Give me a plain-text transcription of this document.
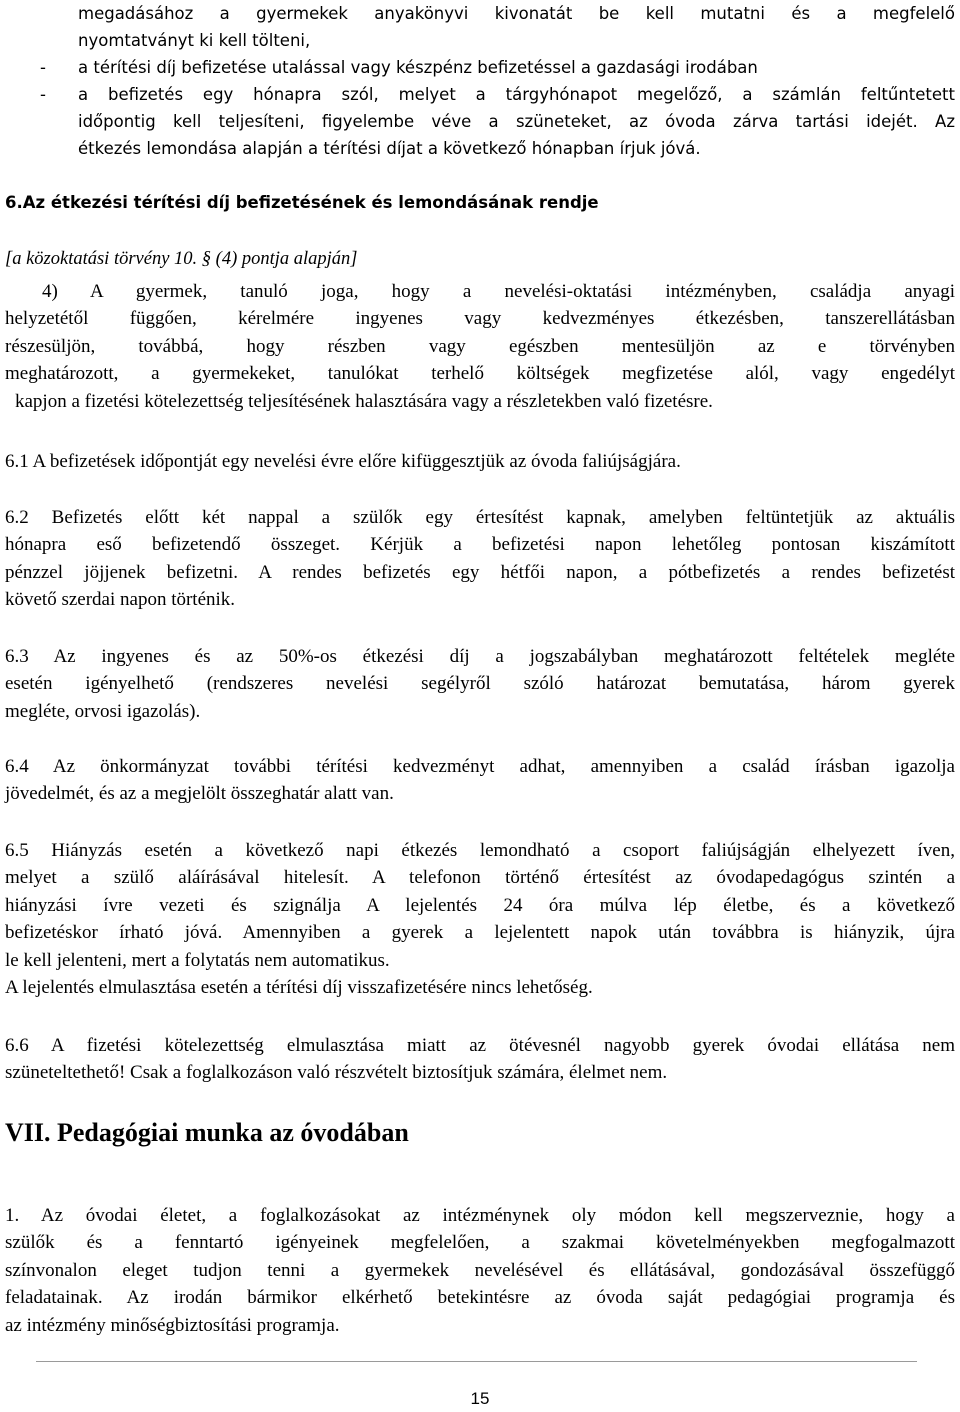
megadásához a gyermekek anyakönyvi kivonatát be kell mutatni és a megfelelő
nyomtatványt ki kell tölteni,
- a térítési díj befizetése utalással vagy készpénz befizetéssel a gazdasági irodában
- a befizetés egy hónapra szól, melyet a tárgyhónapot megelőző, a számlán feltűntetett
időpontig kell teljesíteni, figyelembe véve a szüneteket, az óvoda zárva tartási idejét. Az
étkezés lemondása alapján a térítési díjat a következő hónapban írjuk jóvá.
6.Az étkezési térítési díj befizetésének és lemondásának rendje
[a közoktatási törvény 10. § (4) pontja alapján]
4) A gyermek, tanuló joga, hogy a nevelési-oktatási intézményben, családja anyagi
helyzetétől függően, kérelmére ingyenes vagy kedvezményes étkezésben, tanszerellátásban
részesüljön, továbbá, hogy részben vagy egészben mentesüljön az e törvényben
meghatározott, a gyermekeket, tanulókat terhelő költségek megfizetése alól, vagy engedélyt
kapjon a fizetési kötelezettség teljesítésének halasztására vagy a részletekben való fizetésre.
6.1 A befizetések időpontját egy nevelési évre előre kifüggesztjük az óvoda faliújságjára.
6.2 Befizetés előtt két nappal a szülők egy értesítést kapnak, amelyben feltüntetjük az aktuális
hónapra eső befizetendő összeget. Kérjük a befizetési napon lehetőleg pontosan kiszámított
pénzzel jöjjenek befizetni. A rendes befizetés egy hétfői napon, a pótbefizetés a rendes befizetést
követő szerdai napon történik.
6.3 Az ingyenes és az 50%-os étkezési díj a jogszabályban meghatározott feltételek megléte
esetén igényelhető (rendszeres nevelési segélyről szóló határozat bemutatása, három gyerek
megléte, orvosi igazolás).
6.4 Az önkormányzat további térítési kedvezményt adhat, amennyiben a család írásban igazolja
jövedelmét, és az a megjelölt összeghatár alatt van.
6.5 Hiányzás esetén a következő napi étkezés lemondható a csoport faliújságján elhelyezett íven,
melyet a szülő aláírásával hitelesít. A telefonon történő értesítést az óvodapedagógus szintén a
hiányzási ívre vezeti és szignálja A lejelentés 24 óra múlva lép életbe, és a következő
befizetéskor írható jóvá. Amennyiben a gyerek a lejelentett napok után továbbra is hiányzik, újra
le kell jelenteni, mert a folytatás nem automatikus.
A lejelentés elmulasztása esetén a térítési díj visszafizetésére nincs lehetőség.
6.6 A fizetési kötelezettség elmulasztása miatt az ötévesnél nagyobb gyerek óvodai ellátása nem
szüneteltethető! Csak a foglalkozáson való részvételt biztosítjuk számára, élelmet nem.
VII. Pedagógiai munka az óvodában
1. Az óvodai életet, a foglalkozásokat az intézménynek oly módon kell megszerveznie, hogy a
szülők és a fenntartó igényeinek megfelelően, a szakmai követelményekben megfogalmazott
színvonalon eleget tudjon tenni a gyermekek nevelésével és ellátásával, gondozásával összefüggő
feladatainak. Az irodán bármikor elkérhető betekintésre az óvoda saját pedagógiai programja és
az intézmény minőségbiztosítási programja.
15
